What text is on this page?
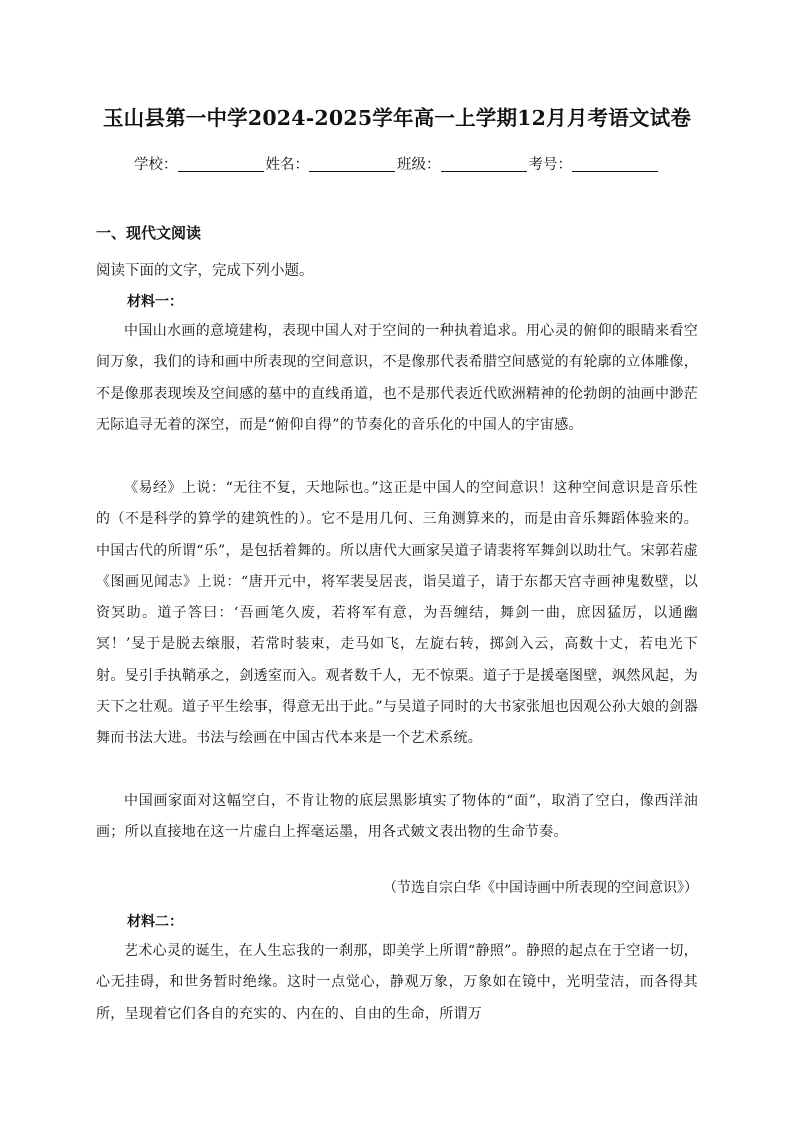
玉山县第一中学2024-2025学年高一上学期12月月考语文试卷
学校：	姓名：	班级：	考号：
一、现代文阅读
阅读下面的文字，完成下列小题。
材料一：
中国山水画的意境建构，表现中国人对于空间的一种执着追求。用心灵的俯仰的眼睛来看空间万象，我们的诗和画中所表现的空间意识，不是像那代表希腊空间感觉的有轮廓的立体雕像，不是像那表现埃及空间感的墓中的直线甬道，也不是那代表近代欧洲精神的伦勃朗的油画中渺茫无际追寻无着的深空，而是“俯仰自得”的节奏化的音乐化的中国人的宇宙感。
《易经》上说：“无往不复，天地际也。”这正是中国人的空间意识！这种空间意识是音乐性的（不是科学的算学的建筑性的）。它不是用几何、三角测算来的，而是由音乐舞蹈体验来的。中国古代的所谓“乐”，是包括着舞的。所以唐代大画家吴道子请裴将军舞剑以助壮气。宋郭若虚《图画见闻志》上说：“唐开元中，将军裴旻居丧，诣吴道子，请于东都天宫寺画神鬼数壁，以资冥助。道子答曰：‘吾画笔久废，若将军有意，为吾缠结，舞剑一曲，庶因猛厉，以通幽冥！’旻于是脱去缞服，若常时装束，走马如飞，左旋右转，掷剑入云，高数十丈，若电光下射。旻引手执鞘承之，剑透室而入。观者数千人，无不惊栗。道子于是援毫图壁，飒然风起，为天下之壮观。道子平生绘事，得意无出于此。”与吴道子同时的大书家张旭也因观公孙大娘的剑器舞而书法大进。书法与绘画在中国古代本来是一个艺术系统。
中国画家面对这幅空白，不肯让物的底层黑影填实了物体的“面”，取消了空白，像西洋油画；所以直接地在这一片虚白上挥毫运墨，用各式皴文表出物的生命节奏。
（节选自宗白华《中国诗画中所表现的空间意识》）
材料二：
艺术心灵的诞生，在人生忘我的一刹那，即美学上所谓“静照”。静照的起点在于空诸一切，心无挂碍，和世务暂时绝缘。这时一点觉心，静观万象，万象如在镜中，光明莹洁，而各得其所，呈现着它们各自的充实的、内在的、自由的生命，所谓万
